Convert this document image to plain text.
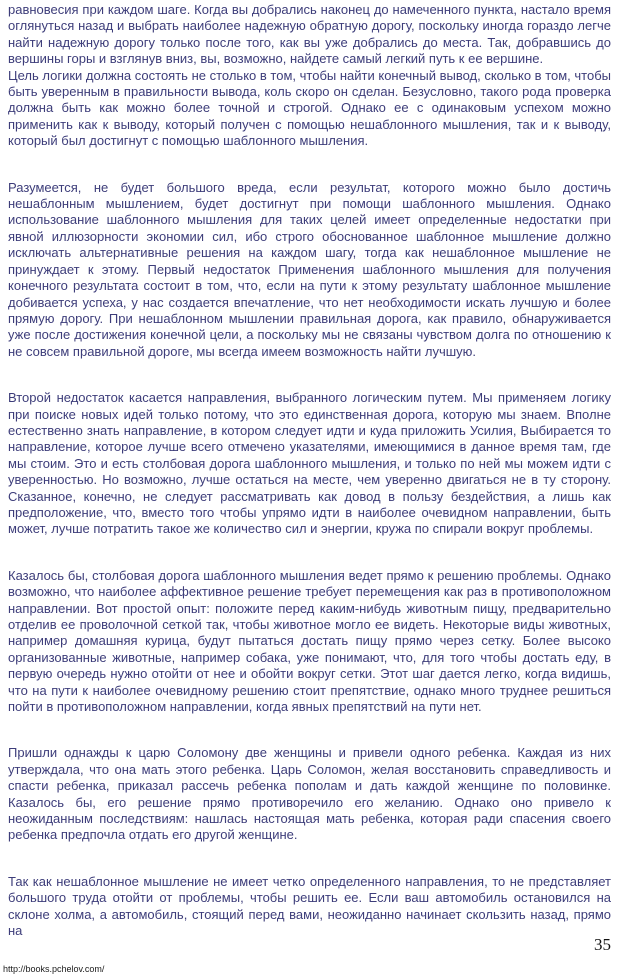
равновесия при каждом шаге. Когда вы добрались наконец до намеченного пункта, настало время оглянуться назад и выбрать наиболее надежную обратную дорогу, поскольку иногда гораздо легче найти надежную дорогу только после того, как вы уже добрались до места. Так, добравшись до вершины горы и взглянув вниз, вы, возможно, найдете самый легкий путь к ее вершине.

Цель логики должна состоять не столько в том, чтобы найти конечный вывод, сколько в том, чтобы быть уверенным в правильности вывода, коль скоро он сделан. Безусловно, такого рода проверка должна быть как можно более точной и строгой. Однако ее с одинаковым успехом можно применить как к выводу, который получен с помощью нешаблонного мышления, так и к выводу, который был достигнут с помощью шаблонного мышления.

Разумеется, не будет большого вреда, если результат, которого можно было достичь нешаблонным мышлением, будет достигнут при помощи шаблонного мышления. Однако использование шаблонного мышления для таких целей имеет определенные недостатки при явной иллюзорности экономии сил, ибо строго обоснованное шаблонное мышление должно исключать альтернативные решения на каждом шагу, тогда как нешаблонное мышление не принуждает к этому. Первый недостаток Применения шаблонного мышления для получения конечного результата состоит в том, что, если на пути к этому результату шаблонное мышление добивается успеха, у нас создается впечатление, что нет необходимости искать лучшую и более прямую дорогу. При нешаблонном мышлении правильная дорога, как правило, обнаруживается уже после достижения конечной цели, а поскольку мы не связаны чувством долга по отношению к не совсем правильной дороге, мы всегда имеем возможность найти лучшую.

Второй недостаток касается направления, выбранного логическим путем. Мы применяем логику при поиске новых идей только потому, что это единственная дорога, которую мы знаем. Вполне естественно знать направление, в котором следует идти и куда приложить Усилия, Выбирается то направление, которое лучше всего отмечено указателями, имеющимися в данное время там, где мы стоим. Это и есть столбовая дорога шаблонного мышления, и только по ней мы можем идти с уверенностью. Но возможно, лучше остаться на месте, чем уверенно двигаться не в ту сторону. Сказанное, конечно, не следует рассматривать как довод в пользу бездействия, а лишь как предположение, что, вместо того чтобы упрямо идти в наиболее очевидном направлении, быть может, лучше потратить такое же количество сил и энергии, кружа по спирали вокруг проблемы.

Казалось бы, столбовая дорога шаблонного мышления ведет прямо к решению проблемы. Однако возможно, что наиболее аффективное решение требует перемещения как раз в противоположном направлении. Вот простой опыт: положите перед каким-нибудь животным пищу, предварительно отделив ее проволочной сеткой так, чтобы животное могло ее видеть. Некоторые виды животных, например домашняя курица, будут пытаться достать пищу прямо через сетку. Более высоко организованные животные, например собака, уже понимают, что, для того чтобы достать еду, в первую очередь нужно отойти от нее и обойти вокруг сетки. Этот шаг дается легко, когда видишь, что на пути к наиболее очевидному решению стоит препятствие, однако много труднее решиться пойти в противоположном направлении, когда явных препятствий на пути нет.

Пришли однажды к царю Соломону две женщины и привели одного ребенка. Каждая из них утверждала, что она мать этого ребенка. Царь Соломон, желая восстановить справедливость и спасти ребенка, приказал рассечь ребенка пополам и дать каждой женщине по половинке. Казалось бы, его решение прямо противоречило его желанию. Однако оно привело к неожиданным последствиям: нашлась настоящая мать ребенка, которая ради спасения своего ребенка предпочла отдать его другой женщине.

Так как нешаблонное мышление не имеет четко определенного направления, то не представляет большого труда отойти от проблемы, чтобы решить ее. Если ваш автомобиль остановился на склоне холма, а автомобиль, стоящий перед вами, неожиданно начинает скользить назад, прямо на

35
http://books.pchelov.com/
